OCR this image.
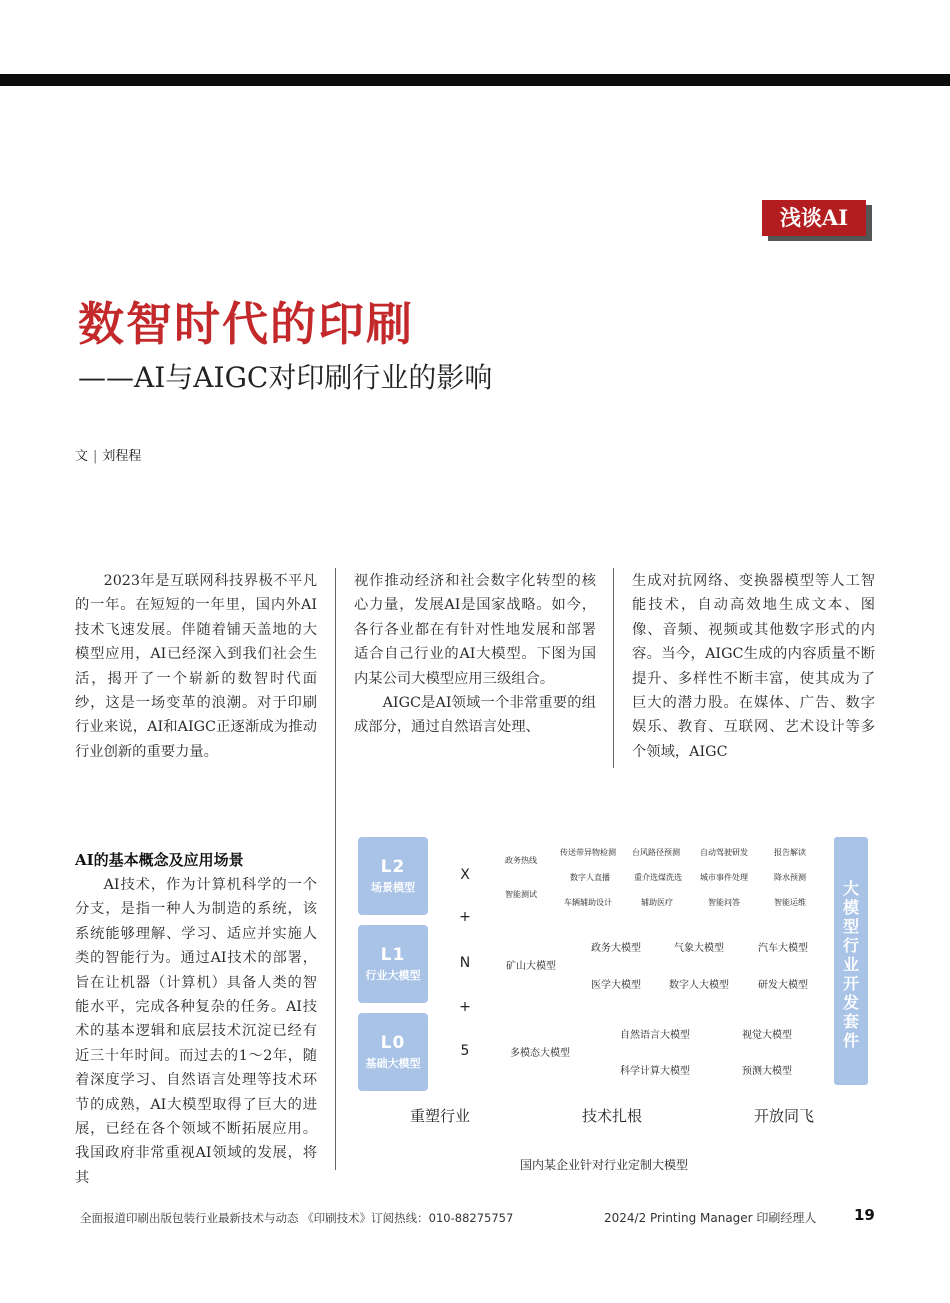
浅谈AI
数智时代的印刷
——AI与AIGC对印刷行业的影响
文 | 刘程程

2023年是互联网科技界极不平凡的一年。在短短的一年里，国内外AI技术飞速发展。伴随着铺天盖地的大模型应用，AI已经深入到我们社会生活，揭开了一个崭新的数智时代面纱，这是一场变革的浪潮。对于印刷行业来说，AI和AIGC正逐渐成为推动行业创新的重要力量。

AI的基本概念及应用场景

AI技术，作为计算机科学的一个分支，是指一种人为制造的系统，该系统能够理解、学习、适应并实施人类的智能行为。通过AI技术的部署，旨在让机器（计算机）具备人类的智能水平，完成各种复杂的任务。AI技术的基本逻辑和底层技术沉淀已经有近三十年时间。而过去的1～2年，随着深度学习、自然语言处理等技术环节的成熟，AI大模型取得了巨大的进展，已经在各个领域不断拓展应用。我国政府非常重视AI领域的发展，将其

视作推动经济和社会数字化转型的核心力量，发展AI是国家战略。如今，各行各业都在有针对性地发展和部署适合自己行业的AI大模型。下图为国内某公司大模型应用三级组合。

AIGC是AI领域一个非常重要的组成部分，通过自然语言处理、

生成对抗网络、变换器模型等人工智能技术，自动高效地生成文本、图像、音频、视频或其他数字形式的内容。当今，AIGC生成的内容质量不断提升、多样性不断丰富，使其成为了巨大的潜力股。在媒体、广告、数字娱乐、教育、互联网、艺术设计等多个领域，AIGC

L2
场景模型
L1
行业大模型
L0
基础大模型
X
+
N
+
5
政务热线
智能测试
传送带异物检测 台风路径预测	自动驾驶研发	报告解读
数字人直播	重介选煤洗选 城市事件处理	降水预测
车辆辅助设计	辅助医疗	智能问答	智能运维
矿山大模型
政务大模型	气象大模型	汽车大模型
医学大模型	数字人大模型	研发大模型
多模态大模型
自然语言大模型	视觉大模型
科学计算大模型	预测大模型
大
模
型
行
业
开
发
套
件
重塑行业	技术扎根	开放同飞
国内某企业针对行业定制大模型
全面报道印刷出版包装行业最新技术与动态 《印刷技术》订阅热线：010-88275757	2024/2 Printing Manager 印刷经理人	19
